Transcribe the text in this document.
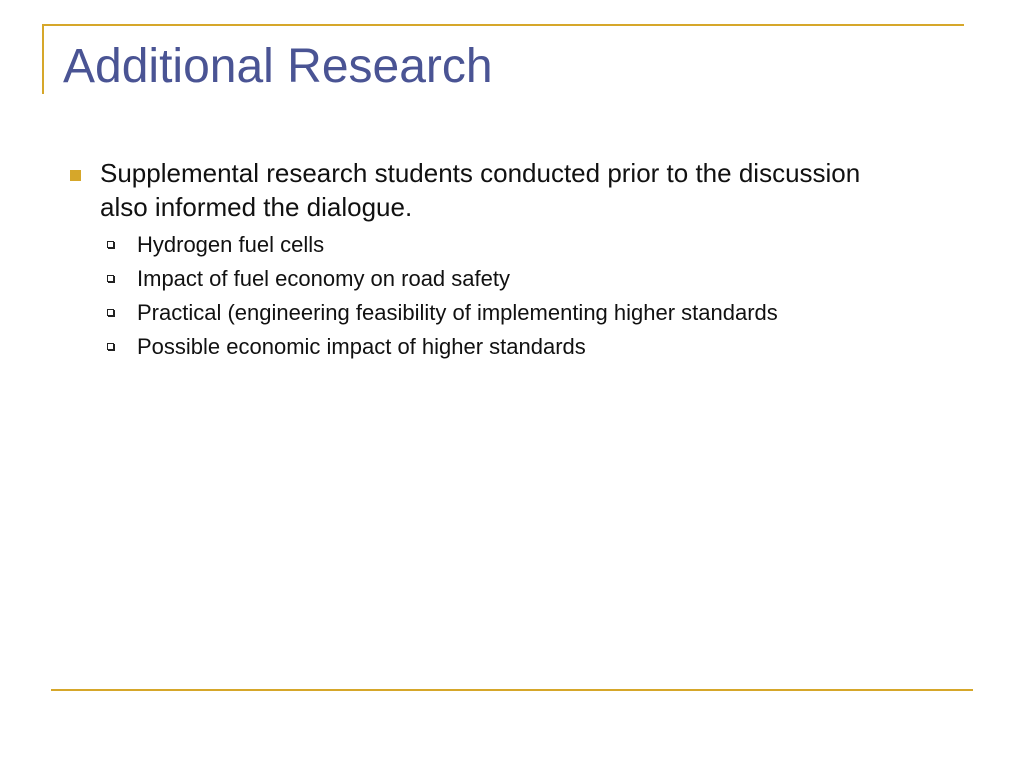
Additional Research
Supplemental research students conducted prior to the discussion also informed the dialogue.
Hydrogen fuel cells
Impact of fuel economy on road safety
Practical (engineering feasibility of implementing higher standards
Possible economic impact of higher standards
